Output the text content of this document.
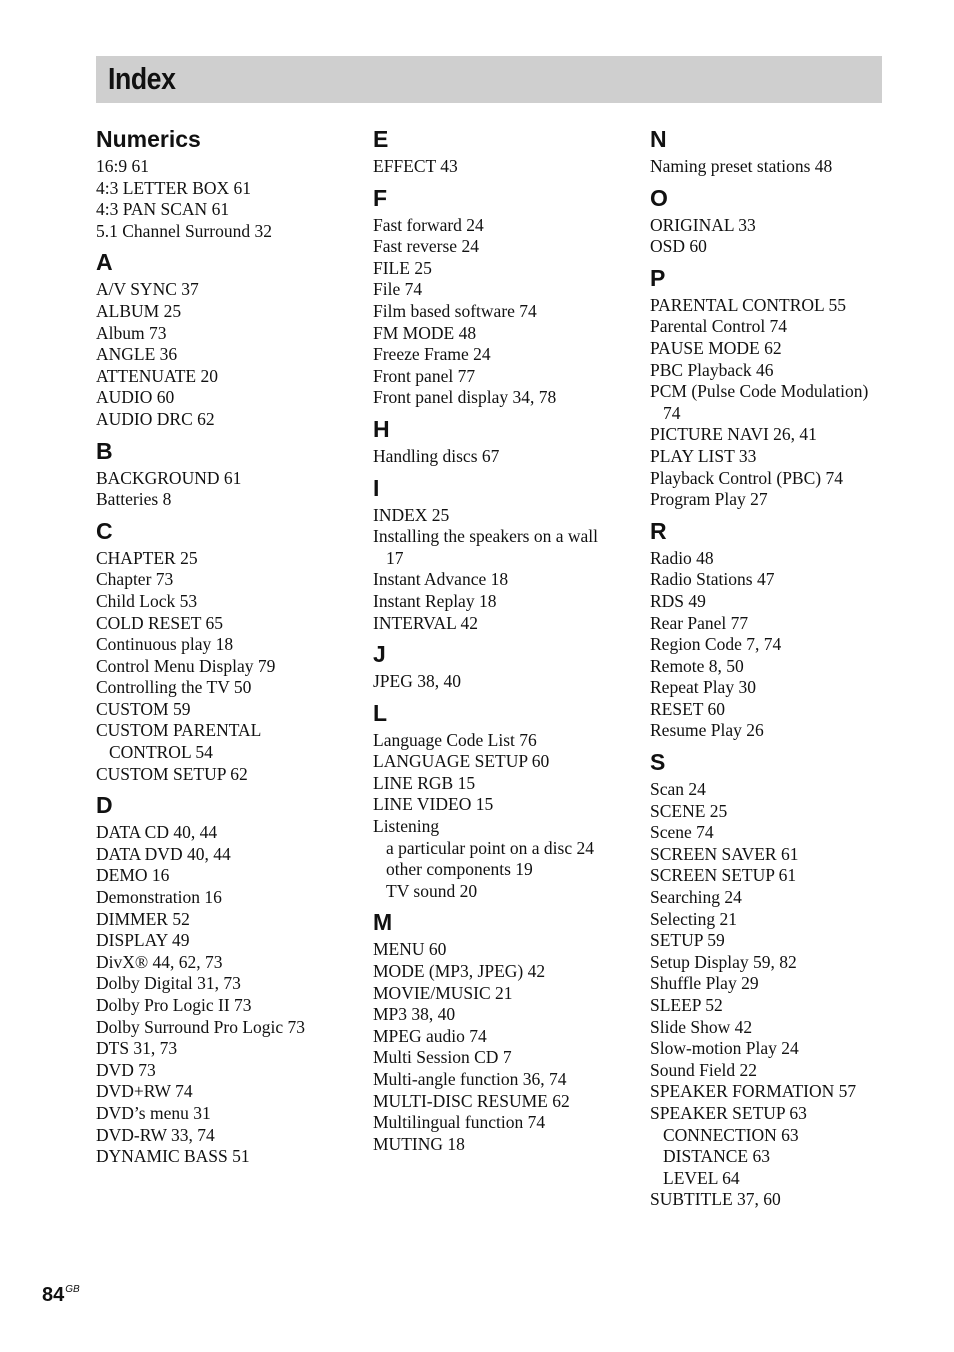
Index
Numerics
16:9 61
4:3 LETTER BOX 61
4:3 PAN SCAN 61
5.1 Channel Surround 32
A
A/V SYNC 37
ALBUM 25
Album 73
ANGLE 36
ATTENUATE 20
AUDIO 60
AUDIO DRC 62
B
BACKGROUND 61
Batteries 8
C
CHAPTER 25
Chapter 73
Child Lock 53
COLD RESET 65
Continuous play 18
Control Menu Display 79
Controlling the TV 50
CUSTOM 59
CUSTOM PARENTAL
CONTROL 54
CUSTOM SETUP 62
D
DATA CD 40, 44
DATA DVD 40, 44
DEMO 16
Demonstration 16
DIMMER 52
DISPLAY 49
DivX® 44, 62, 73
Dolby Digital 31, 73
Dolby Pro Logic II 73
Dolby Surround Pro Logic 73
DTS 31, 73
DVD 73
DVD+RW 74
DVD’s menu 31
DVD-RW 33, 74
DYNAMIC BASS 51
E
EFFECT 43
F
Fast forward 24
Fast reverse 24
FILE 25
File 74
Film based software 74
FM MODE 48
Freeze Frame 24
Front panel 77
Front panel display 34, 78
H
Handling discs 67
I
INDEX 25
Installing the speakers on a wall
17
Instant Advance 18
Instant Replay 18
INTERVAL 42
J
JPEG 38, 40
L
Language Code List 76
LANGUAGE SETUP 60
LINE RGB 15
LINE VIDEO 15
Listening
a particular point on a disc 24
other components 19
TV sound 20
M
MENU 60
MODE (MP3, JPEG) 42
MOVIE/MUSIC 21
MP3 38, 40
MPEG audio 74
Multi Session CD 7
Multi-angle function 36, 74
MULTI-DISC RESUME 62
Multilingual function 74
MUTING 18
N
Naming preset stations 48
O
ORIGINAL 33
OSD 60
P
PARENTAL CONTROL 55
Parental Control 74
PAUSE MODE 62
PBC Playback 46
PCM (Pulse Code Modulation)
74
PICTURE NAVI 26, 41
PLAY LIST 33
Playback Control (PBC) 74
Program Play 27
R
Radio 48
Radio Stations 47
RDS 49
Rear Panel 77
Region Code 7, 74
Remote 8, 50
Repeat Play 30
RESET 60
Resume Play 26
S
Scan 24
SCENE 25
Scene 74
SCREEN SAVER 61
SCREEN SETUP 61
Searching 24
Selecting 21
SETUP 59
Setup Display 59, 82
Shuffle Play 29
SLEEP 52
Slide Show 42
Slow-motion Play 24
Sound Field 22
SPEAKER FORMATION 57
SPEAKER SETUP 63
CONNECTION 63
DISTANCE 63
LEVEL 64
SUBTITLE 37, 60
$84^{GB}$
